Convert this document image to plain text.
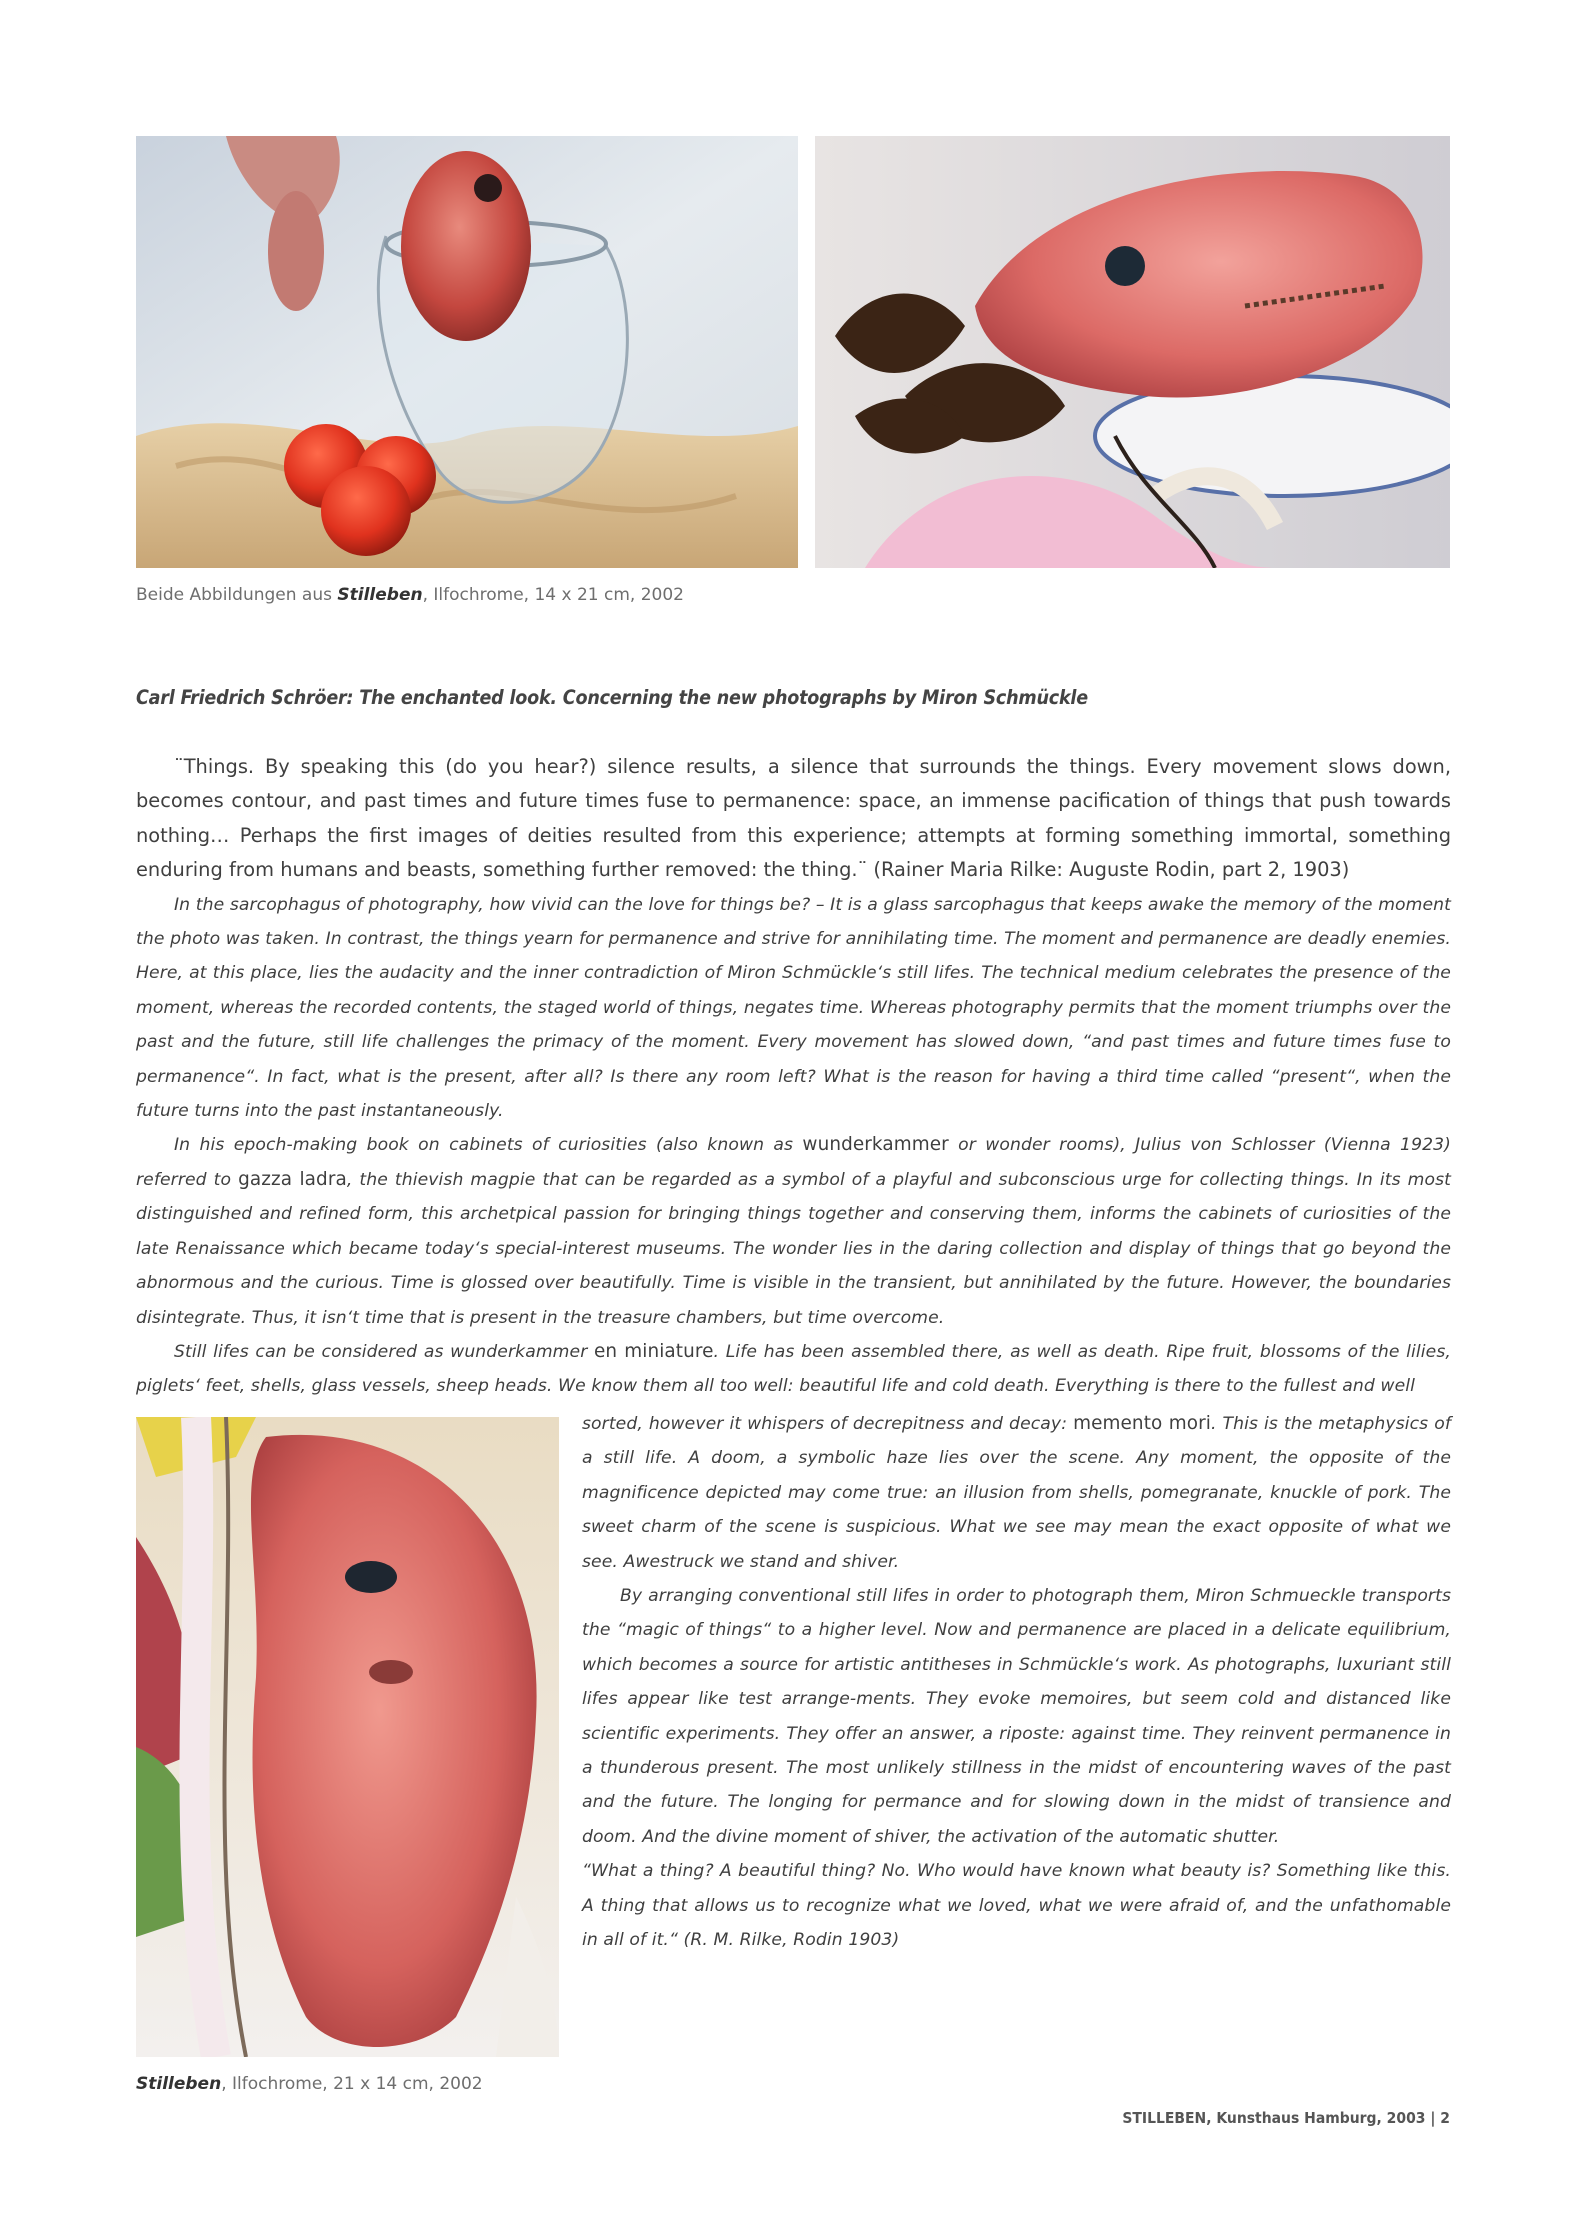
Beide Abbildungen aus Stilleben, Ilfochrome, 14 x 21 cm, 2002
Carl Friedrich Schröer: The enchanted look. Concerning the new photographs by Miron Schmückle

¨Things. By speaking this (do you hear?) silence results, a silence that surrounds the things. Every movement slows down, becomes contour, and past times and future times fuse to permanence: space, an immense pacification of things that push towards nothing… Perhaps the first images of deities resulted from this experience; attempts at forming something immortal, something enduring from humans and beasts, something further removed: the thing.¨ (Rainer Maria Rilke: Auguste Rodin, part 2, 1903)

In the sarcophagus of photography, how vivid can the love for things be? – It is a glass sarcophagus that keeps awake the memory of the moment the photo was taken. In contrast, the things yearn for permanence and strive for annihilating time. The moment and permanence are deadly enemies. Here, at this place, lies the audacity and the inner contradiction of Miron Schmückle‘s still lifes. The technical medium celebrates the presence of the moment, whereas the recorded contents, the staged world of things, negates time. Whereas photography permits that the moment triumphs over the past and the future, still life challenges the primacy of the moment. Every movement has slowed down, “and past times and future times fuse to permanence“. In fact, what is the present, after all? Is there any room left? What is the reason for having a third time called “present“, when the future turns into the past instantaneously.

In his epoch-making book on cabinets of curiosities (also known as wunderkammer or wonder rooms), Julius von Schlosser (Vienna 1923) referred to gazza ladra, the thievish magpie that can be regarded as a symbol of a playful and subconscious urge for collecting things. In its most distinguished and refined form, this archetpical passion for bringing things together and conserving them, informs the cabinets of curiosities of the late Renaissance which became today‘s special-interest museums. The wonder lies in the daring collection and display of things that go beyond the abnormous and the curious. Time is glossed over beautifully. Time is visible in the transient, but annihilated by the future. However, the boundaries disintegrate. Thus, it isn‘t time that is present in the treasure chambers, but time overcome.

Still lifes can be considered as wunderkammer en miniature. Life has been assembled there, as well as death. Ripe fruit, blossoms of the lilies, piglets‘ feet, shells, glass vessels, sheep heads. We know them all too well: beautiful life and cold death. Everything is there to the fullest and well

sorted, however it whispers of decrepitness and decay: memento mori. This is the metaphysics of a still life. A doom, a symbolic haze lies over the scene. Any moment, the opposite of the magnificence depicted may come true: an illusion from shells, pomegranate, knuckle of pork. The sweet charm of the scene is suspicious. What we see may mean the exact opposite of what we see. Awestruck we stand and shiver.

By arranging conventional still lifes in order to photograph them, Miron Schmueckle transports the “magic of things“ to a higher level. Now and permanence are placed in a delicate equilibrium, which becomes a source for artistic antitheses in Schmückle‘s work. As photographs, luxuriant still lifes appear like test arrange-ments. They evoke memoires, but seem cold and distanced like scientific experiments. They offer an answer, a riposte: against time. They reinvent permanence in a thunderous present. The most unlikely stillness in the midst of encountering waves of the past and the future. The longing for permance and for slowing down in the midst of transience and doom. And the divine moment of shiver, the activation of the automatic shutter.

“What a thing? A beautiful thing? No. Who would have known what beauty is? Something like this. A thing that allows us to recognize what we loved, what we were afraid of, and the unfathomable in all of it.“ (R. M. Rilke, Rodin 1903)

Stilleben, Ilfochrome, 21 x 14 cm, 2002

STILLEBEN, Kunsthaus Hamburg, 2003 | 2
